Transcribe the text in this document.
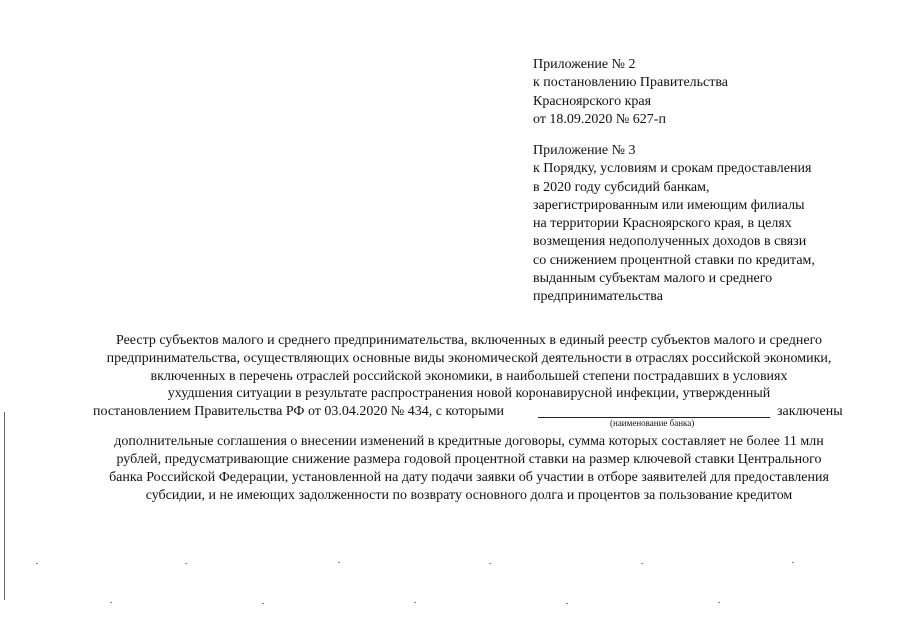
Приложение № 2
к постановлению Правительства
Красноярского края
от 18.09.2020 № 627-п
Приложение № 3
к Порядку, условиям и срокам предоставления
в 2020 году субсидий банкам,
зарегистрированным или имеющим филиалы
на территории Красноярского края, в целях
возмещения недополученных доходов в связи
со снижением процентной ставки по кредитам,
выданным субъектам малого и среднего
предпринимательства
Реестр субъектов малого и среднего предпринимательства, включенных в единый реестр субъектов малого и среднего
предпринимательства, осуществляющих основные виды экономической деятельности в отраслях российской экономики,
включенных в перечень отраслей российской экономики, в наибольшей степени пострадавших в условиях
ухудшения ситуации в результате распространения новой коронавирусной инфекции, утвержденный
постановлением Правительства РФ от 03.04.2020 № 434, с которыми	заключены
(наименование банка)
дополнительные соглашения о внесении изменений в кредитные договоры, сумма которых составляет не более 11 млн
рублей, предусматривающие снижение размера годовой процентной ставки на размер ключевой ставки Центрального
банка Российской Федерации, установленной на дату подачи заявки об участии в отборе заявителей для предоставления
субсидии, и не имеющих задолженности по возврату основного долга и процентов за пользование кредитом
